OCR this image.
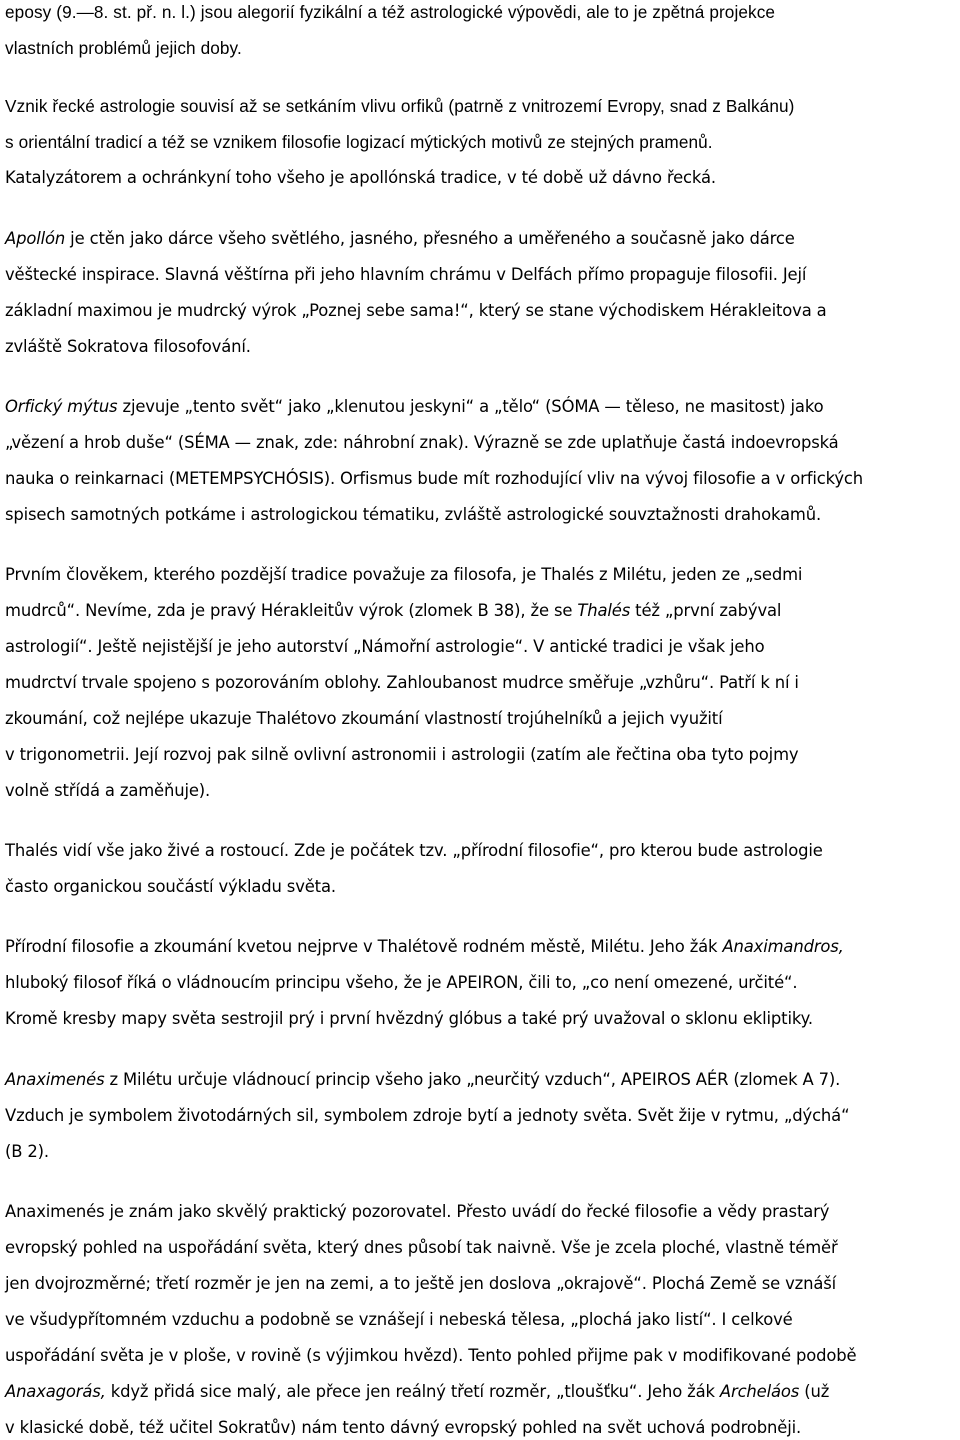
eposy (9.—8. st. př. n. l.) jsou alegorií fyzikální a též astrologické výpovědi, ale to je zpětná projekce
vlastních problémů jejich doby.
Vznik řecké astrologie souvisí až se setkáním vlivu orfiků (patrně z vnitrozemí Evropy, snad z Balkánu)
s orientální tradicí a též se vznikem filosofie logizací mýtických motivů ze stejných pramenů.
Katalyzátorem a ochránkyní toho všeho je apollónská tradice, v té době už dávno řecká.
Apollón je ctěn jako dárce všeho světlého, jasného, přesného a uměřeného a současně jako dárce
věštecké inspirace. Slavná věštírna při jeho hlavním chrámu v Delfách přímo propaguje filosofii. Její
základní maximou je mudrcký výrok „Poznej sebe sama!“, který se stane východiskem Hérakleitova a
zvláště Sokratova filosofování.
Orfický mýtus zjevuje „tento svět“ jako „klenutou jeskyni“ a „tělo“ (SÓMA — těleso, ne masitost) jako
„vězení a hrob duše“ (SÉMA — znak, zde: náhrobní znak). Výrazně se zde uplatňuje častá indoevropská
nauka o reinkarnaci (METEMPSYCHÓSIS). Orfismus bude mít rozhodující vliv na vývoj filosofie a v orfických
spisech samotných potkáme i astrologickou tématiku, zvláště astrologické souvztažnosti drahokamů.
Prvním člověkem, kterého pozdější tradice považuje za filosofa, je Thalés z Milétu, jeden ze „sedmi
mudrců“. Nevíme, zda je pravý Hérakleitův výrok (zlomek B 38), že se Thalés též „první zabýval
astrologií“. Ještě nejistější je jeho autorství „Námořní astrologie“. V antické tradici je však jeho
mudrctví trvale spojeno s pozorováním oblohy. Zahloubanost mudrce směřuje „vzhůru“. Patří k ní i
zkoumání, což nejlépe ukazuje Thalétovo zkoumání vlastností trojúhelníků a jejich využití
v trigonometrii. Její rozvoj pak silně ovlivní astronomii i astrologii (zatím ale řečtina oba tyto pojmy
volně střídá a zaměňuje).
Thalés vidí vše jako živé a rostoucí. Zde je počátek tzv. „přírodní filosofie“, pro kterou bude astrologie
často organickou součástí výkladu světa.
Přírodní filosofie a zkoumání kvetou nejprve v Thalétově rodném městě, Milétu. Jeho žák Anaximandros,
hluboký filosof říká o vládnoucím principu všeho, že je APEIRON, čili to, „co není omezené, určité“.
Kromě kresby mapy světa sestrojil prý i první hvězdný glóbus a také prý uvažoval o sklonu ekliptiky.
Anaximenés z Milétu určuje vládnoucí princip všeho jako „neurčitý vzduch“, APEIROS AÉR (zlomek A 7).
Vzduch je symbolem životodárných sil, symbolem zdroje bytí a jednoty světa. Svět žije v rytmu, „dýchá“
(B 2).
Anaximenés je znám jako skvělý praktický pozorovatel. Přesto uvádí do řecké filosofie a vědy prastarý
evropský pohled na uspořádání světa, který dnes působí tak naivně. Vše je zcela ploché, vlastně téměř
jen dvojrozměrné; třetí rozměr je jen na zemi, a to ještě jen doslova „okrajově“. Plochá Země se vznáší
ve všudypřítomném vzduchu a podobně se vznášejí i nebeská tělesa, „plochá jako listí“. I celkové
uspořádání světa je v ploše, v rovině (s výjimkou hvězd). Tento pohled přijme pak v modifikované podobě
Anaxagorás, když přidá sice malý, ale přece jen reálný třetí rozměr, „tloušťku“. Jeho žák Archeláos (už
v klasické době, též učitel Sokratův) nám tento dávný evropský pohled na svět uchová podrobněji.
